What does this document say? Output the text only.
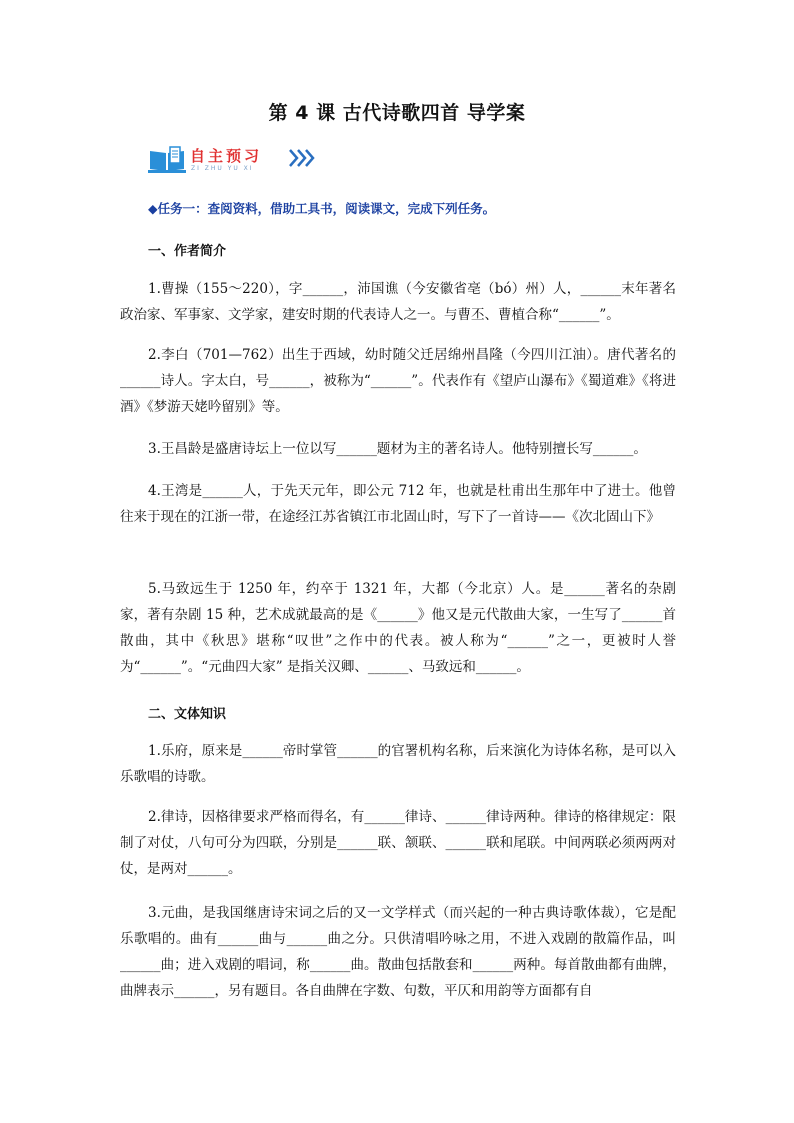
第 4 课 古代诗歌四首 导学案
自主预习
ZI ZHU YU XI
◆任务一：查阅资料，借助工具书，阅读课文，完成下列任务。
一、作者简介
1.曹操（155～220），字______，沛国谯（今安徽省亳（bó）州）人，______末年著名政治家、军事家、文学家，建安时期的代表诗人之一。与曹丕、曹植合称“______”。
2.李白（701—762）出生于西域，幼时随父迁居绵州昌隆（今四川江油）。唐代著名的______诗人。字太白，号______，被称为“______”。代表作有《望庐山瀑布》《蜀道难》《将进酒》《梦游天姥吟留别》等。
3.王昌龄是盛唐诗坛上一位以写______题材为主的著名诗人。他特别擅长写______。
4.王湾是______人，于先天元年，即公元 712 年，也就是杜甫出生那年中了进士。他曾往来于现在的江浙一带，在途经江苏省镇江市北固山时，写下了一首诗——《次北固山下》
5.马致远生于 1250 年，约卒于 1321 年，大都（今北京）人。是______著名的杂剧家，著有杂剧 15 种，艺术成就最高的是《______》他又是元代散曲大家，一生写了______首散曲，其中《秋思》堪称“叹世”之作中的代表。被人称为“______”之一，更被时人誉为“______”。“元曲四大家” 是指关汉卿、______、马致远和______。
二、文体知识
1.乐府，原来是______帝时掌管______的官署机构名称，后来演化为诗体名称，是可以入乐歌唱的诗歌。
2.律诗，因格律要求严格而得名，有______律诗、______律诗两种。律诗的格律规定：限制了对仗，八句可分为四联，分别是______联、颔联、______联和尾联。中间两联必须两两对仗，是两对______。
3.元曲，是我国继唐诗宋词之后的又一文学样式（而兴起的一种古典诗歌体裁），它是配乐歌唱的。曲有______曲与______曲之分。只供清唱吟咏之用，不进入戏剧的散篇作品，叫______曲；进入戏剧的唱词，称______曲。散曲包括散套和______两种。每首散曲都有曲牌，曲牌表示______，另有题目。各自曲牌在字数、句数，平仄和用韵等方面都有自
